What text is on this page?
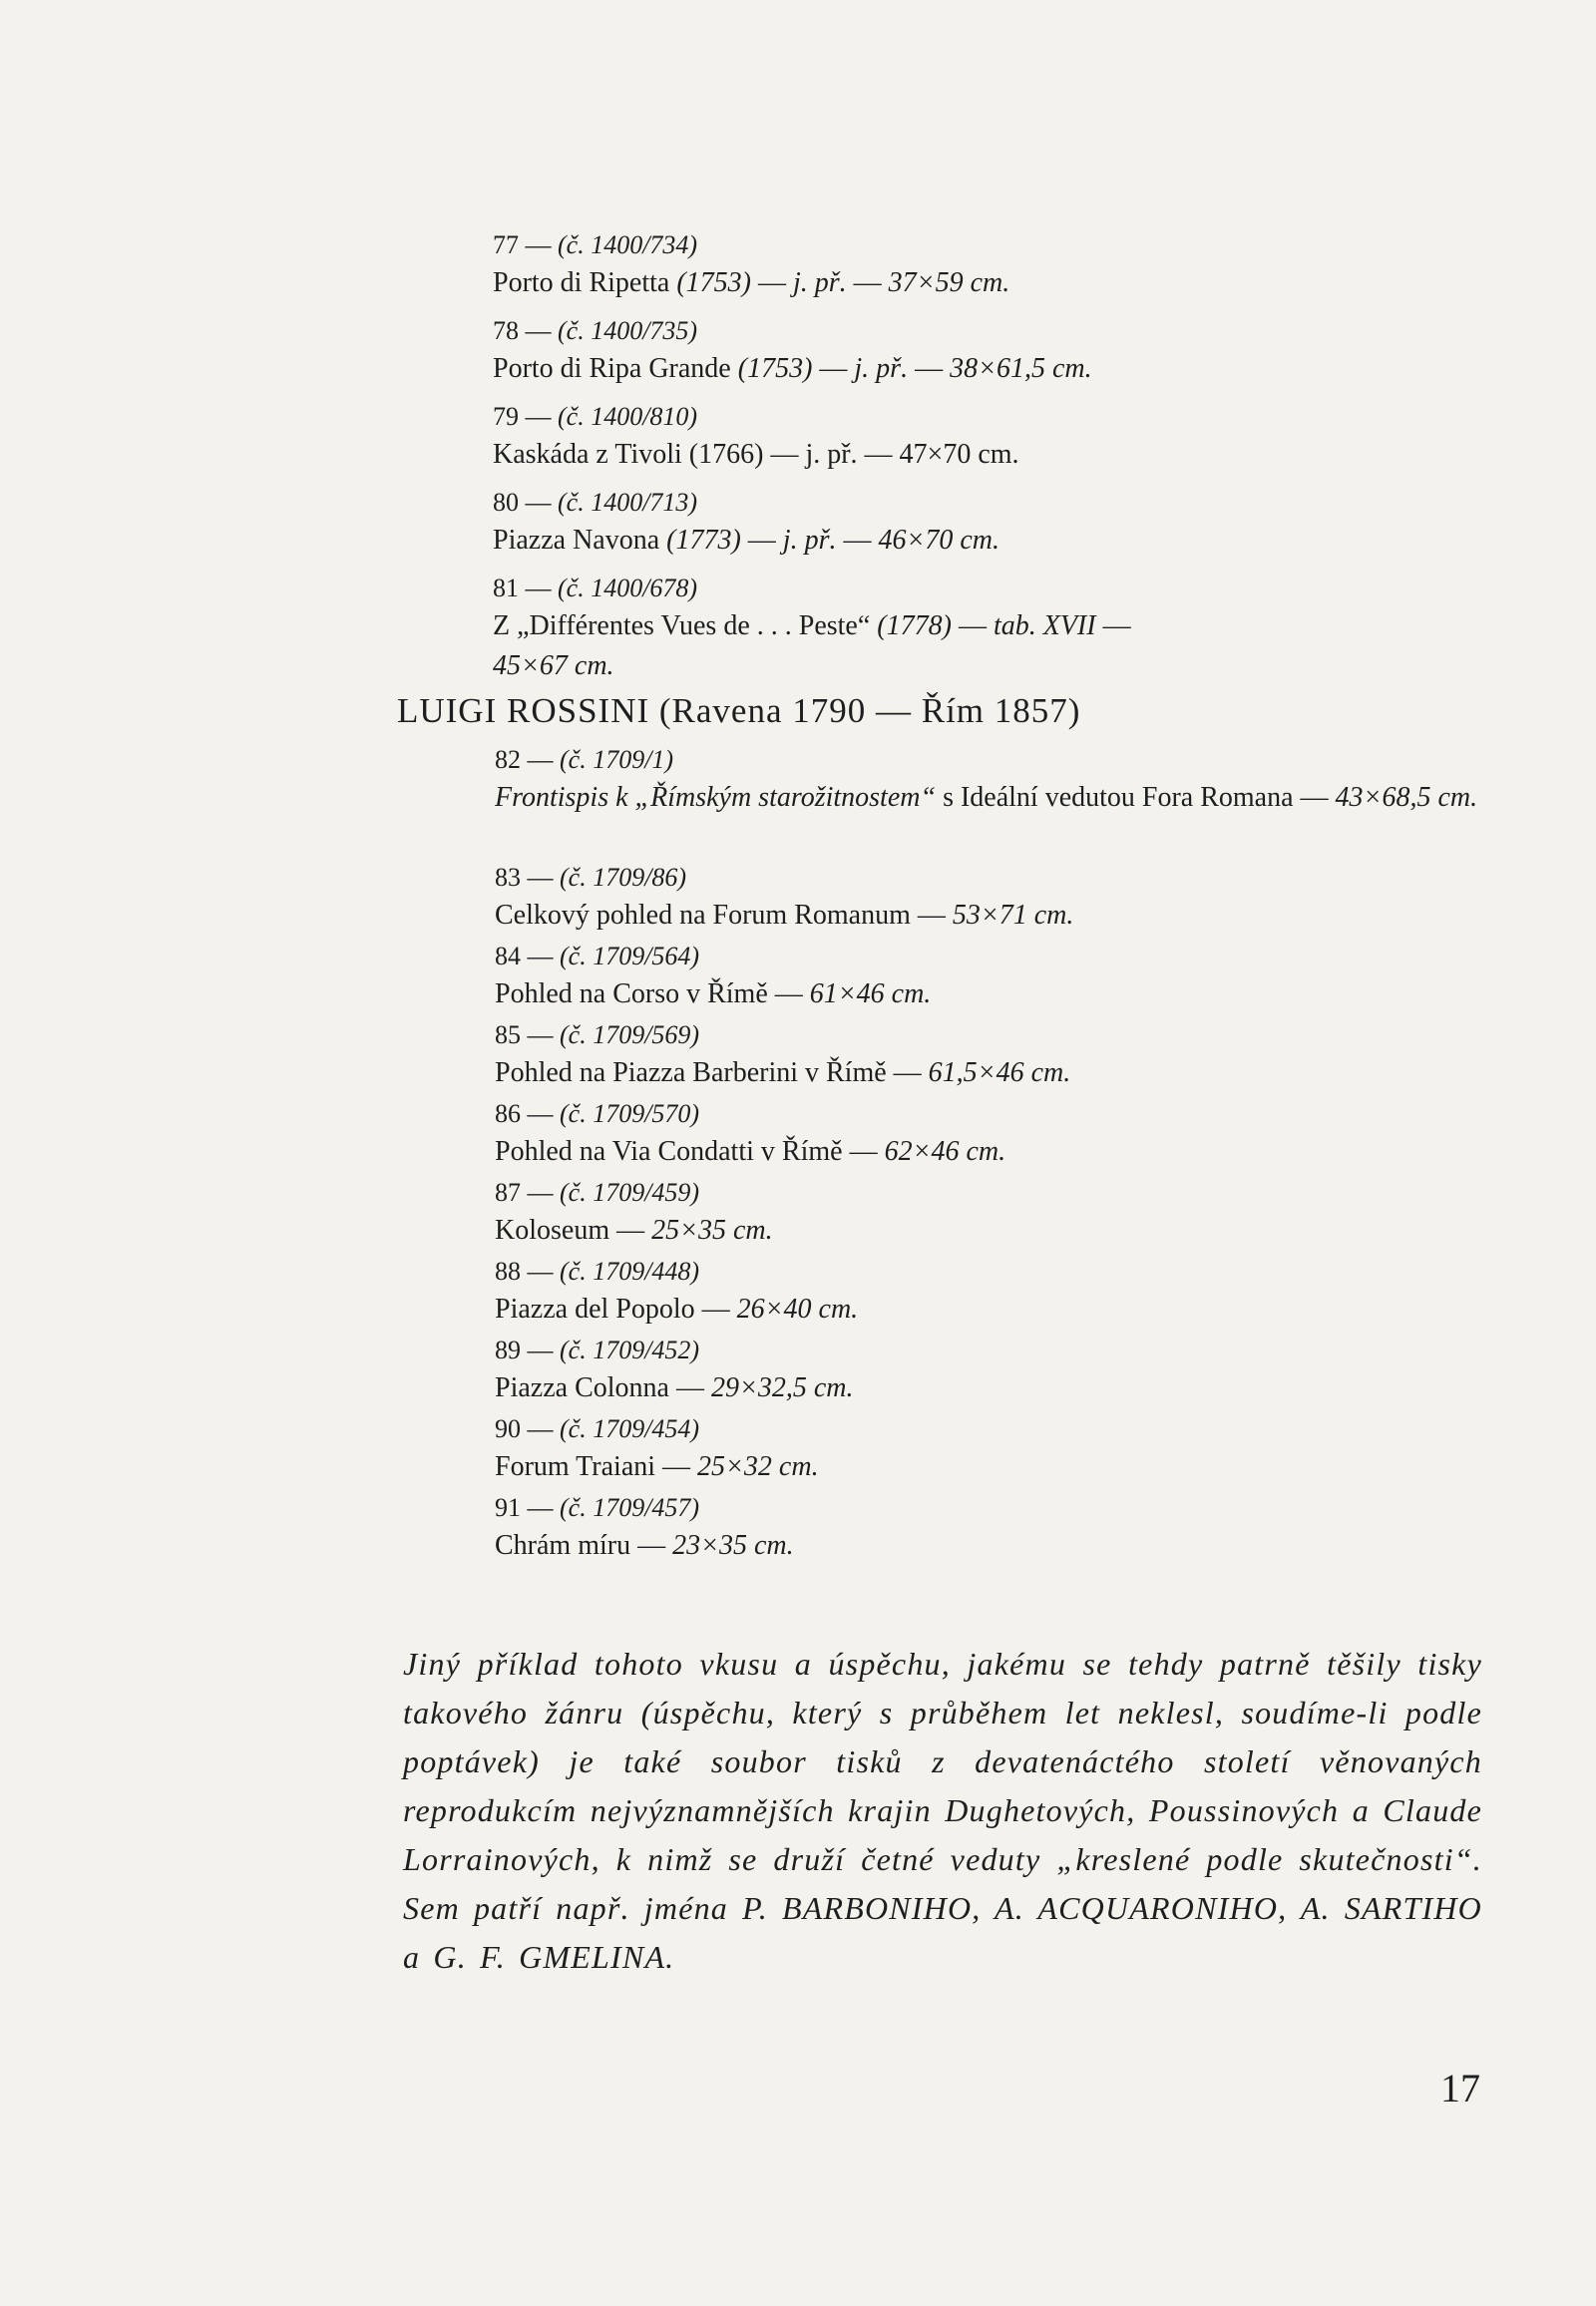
77 — (č. 1400/734)
Porto di Ripetta (1753) — j. př. — 37×59 cm.
78 — (č. 1400/735)
Porto di Ripa Grande (1753) — j. př. — 38×61,5 cm.
79 — (č. 1400/810)
Kaskáda z Tivoli (1766) — j. př. — 47×70 cm.
80 — (č. 1400/713)
Piazza Navona (1773) — j. př. — 46×70 cm.
81 — (č. 1400/678)
Z „Différentes Vues de . . . Peste“ (1778) — tab. XVII —
45×67 cm.
LUIGI ROSSINI (Ravena 1790 — Řím 1857)
82 — (č. 1709/1)
Frontispis k „Římským starožitnostem“ s Ideální vedutou Fora Romana — 43×68,5 cm.
83 — (č. 1709/86)
Celkový pohled na Forum Romanum — 53×71 cm.
84 — (č. 1709/564)
Pohled na Corso v Římě — 61×46 cm.
85 — (č. 1709/569)
Pohled na Piazza Barberini v Římě — 61,5×46 cm.
86 — (č. 1709/570)
Pohled na Via Condatti v Římě — 62×46 cm.
87 — (č. 1709/459)
Koloseum — 25×35 cm.
88 — (č. 1709/448)
Piazza del Popolo — 26×40 cm.
89 — (č. 1709/452)
Piazza Colonna — 29×32,5 cm.
90 — (č. 1709/454)
Forum Traiani — 25×32 cm.
91 — (č. 1709/457)
Chrám míru — 23×35 cm.
Jiný příklad tohoto vkusu a úspěchu, jakému se tehdy patrně těšily tisky takového žánru (úspěchu, který s průběhem let neklesl, soudíme-li podle poptávek) je také soubor tisků z devatenáctého století věnovaných reprodukcím nejvýznamnějších krajin Dughetových, Poussinových a Claude Lorrainových, k nimž se druží četné veduty „kreslené podle skutečnosti“. Sem patří např. jména P. BARBONIHO, A. ACQUARONIHO, A. SARTIHO a G. F. GMELINA.
17
